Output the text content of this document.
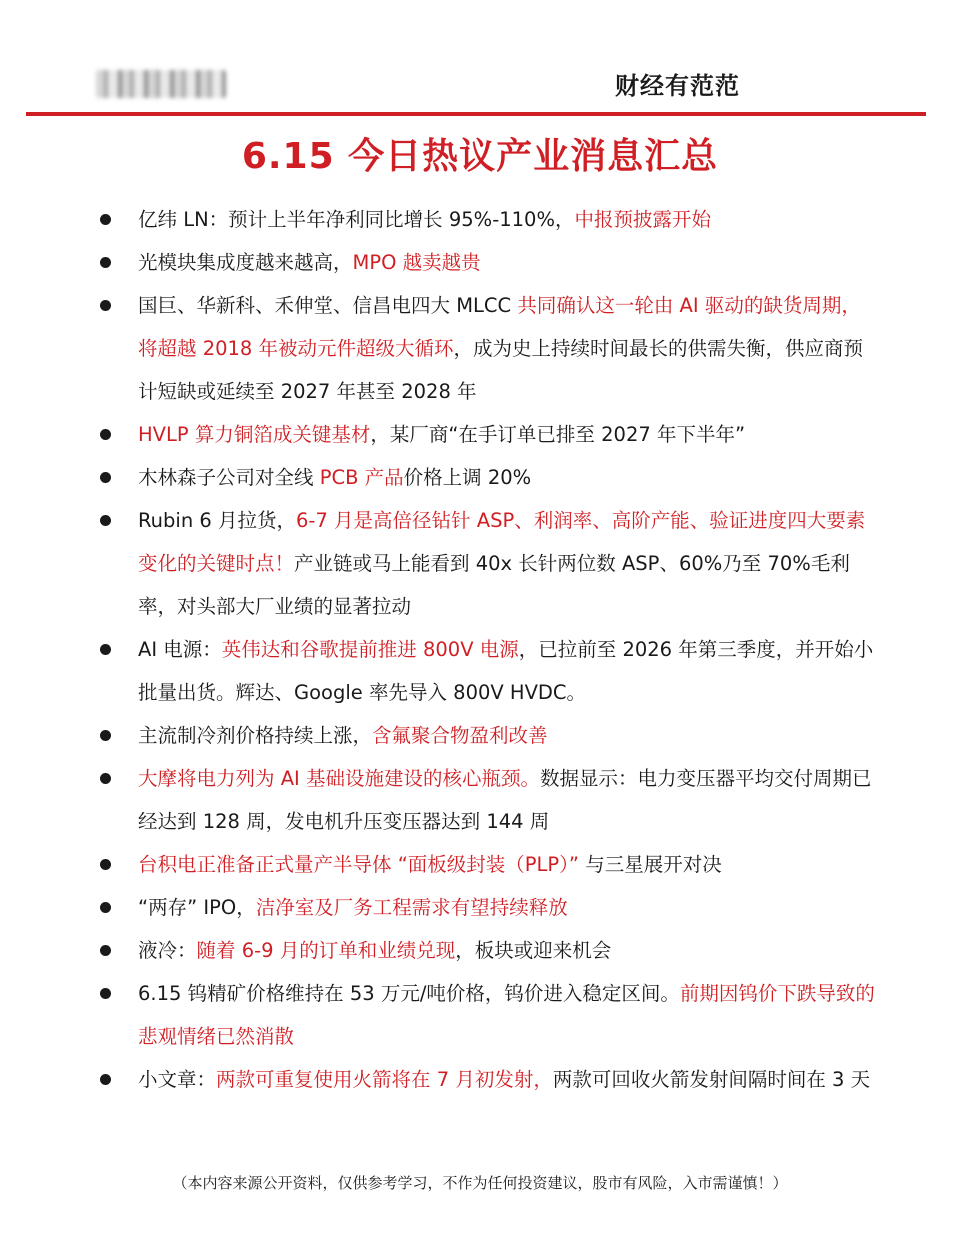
财经有范范
6.15 今日热议产业消息汇总
亿纬 LN：预计上半年净利同比增长 95%-110%，中报预披露开始
光模块集成度越来越高，MPO 越卖越贵
国巨、华新科、禾伸堂、信昌电四大 MLCC 共同确认这一轮由 AI 驱动的缺货周期，将超越 2018 年被动元件超级大循环，成为史上持续时间最长的供需失衡，供应商预计短缺或延续至 2027 年甚至 2028 年
HVLP 算力铜箔成关键基材，某厂商“在手订单已排至 2027 年下半年”
木林森子公司对全线 PCB 产品价格上调 20%
Rubin 6 月拉货，6-7 月是高倍径钻针 ASP、利润率、高阶产能、验证进度四大要素变化的关键时点！产业链或马上能看到 40x 长针两位数 ASP、60%乃至 70%毛利率，对头部大厂业绩的显著拉动
AI 电源：英伟达和谷歌提前推进 800V 电源，已拉前至 2026 年第三季度，并开始小批量出货。辉达、Google 率先导入 800V HVDC。
主流制冷剂价格持续上涨，含氟聚合物盈利改善
大摩将电力列为 AI 基础设施建设的核心瓶颈。数据显示：电力变压器平均交付周期已经达到 128 周，发电机升压变压器达到 144 周
台积电正准备正式量产半导体 “面板级封装（PLP）” 与三星展开对决
“两存” IPO，洁净室及厂务工程需求有望持续释放
液冷：随着 6-9 月的订单和业绩兑现，板块或迎来机会
6.15 钨精矿价格维持在 53 万元/吨价格，钨价进入稳定区间。前期因钨价下跌导致的悲观情绪已然消散
小文章：两款可重复使用火箭将在 7 月初发射，两款可回收火箭发射间隔时间在 3 天
（本内容来源公开资料，仅供参考学习，不作为任何投资建议，股市有风险，入市需谨慎！）
